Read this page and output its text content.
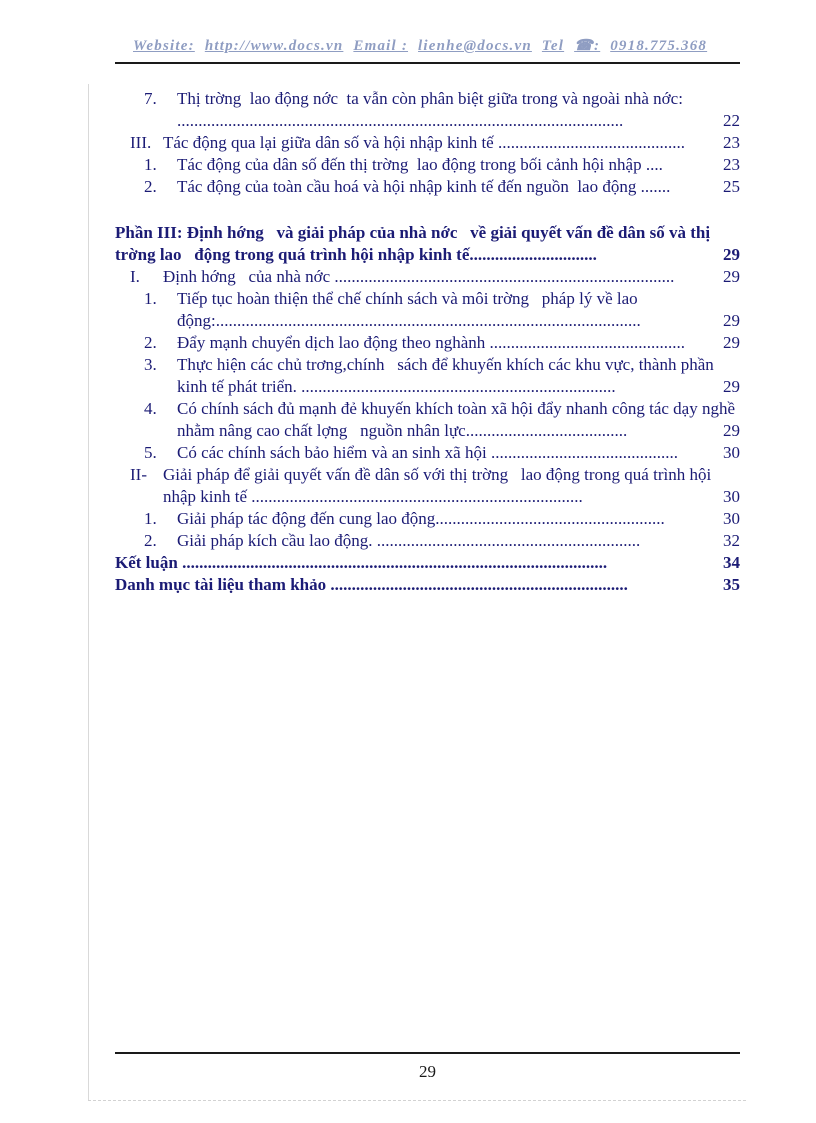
Website: http://www.docs.vn Email : lienhe@docs.vn Tel ☎: 0918.775.368
7.	Thị trờng  lao động nớc  ta vẫn còn phân biệt giữa trong và ngoài nhà nớc: .........................................................................................................	22
III. Tác động qua lại giữa dân số và hội nhập kinh tế ............................................ 23
1.	Tác động của dân số đến thị trờng  lao động trong bối cảnh hội nhập ....	23
2.	Tác động của toàn cầu hoá và hội nhập kinh tế đến nguồn  lao động .......	25
Phần III: Định hớng   và giải pháp của nhà nớc   về giải quyết vấn đề dân số và thị trờng lao   động trong quá trình hội nhập kinh tế..............................	29
I.	Định hớng   của nhà nớc ................................................................................	29
1.	Tiếp tục hoàn thiện thể chế chính sách và môi trờng   pháp lý về lao động:....................................................................................................	29
2.	Đẩy mạnh chuyển dịch lao động theo nghành .............................................. 29
3.	Thực hiện các chủ trơng,chính   sách để khuyến khích các khu vực, thành phần kinh tế phát triển. ..........................................................................	29
4.	Có chính sách đủ mạnh đẻ khuyến khích toàn xã hội đẩy nhanh công tác dạy nghề nhằm nâng cao chất lợng   nguồn nhân lực......................................	29
5.	Có các chính sách bảo hiểm và an sinh xã hội ............................................	30
II- Giải pháp để giải quyết vấn đề dân số với thị trờng   lao động trong quá trình hội nhập kinh tế ..............................................................................	30
1.	Giải pháp tác động đến cung lao động......................................................	30
2.	Giải pháp kích cầu lao động. ..............................................................	32
Kết luận ....................................................................................................	34
Danh mục tài liệu tham khảo ......................................................................	35
29
